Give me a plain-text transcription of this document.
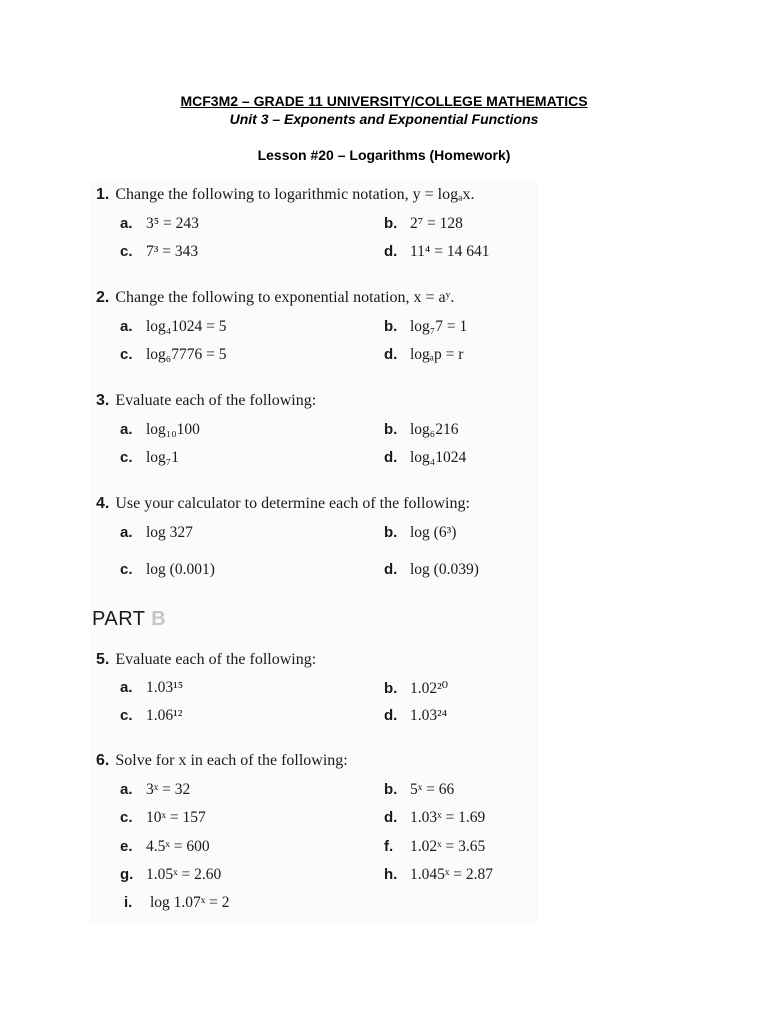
MCF3M2 – GRADE 11 UNIVERSITY/COLLEGE MATHEMATICS
Unit 3 – Exponents and Exponential Functions
Lesson #20 – Logarithms (Homework)
1. Change the following to logarithmic notation, y = logₐx.
a. 3⁵ = 243	b. 2⁷ = 128
c. 7³ = 343	d. 11⁴ = 14 641
2. Change the following to exponential notation, x = aʸ.
a. log₄1024 = 5	b. log₇7 = 1
c. log₆7776 = 5	d. logₐp = r
3. Evaluate each of the following:
a. log₁₀100	b. log₆216
c. log₇1	d. log₄1024
4. Use your calculator to determine each of the following:
a. log 327	b. log (6³)
c. log (0.001)	d. log (0.039)
PART B
5. Evaluate each of the following:
a. 1.03¹⁵	b. 1.02²⁰
c. 1.06¹²	d. 1.03²⁴
6. Solve for x in each of the following:
a. 3ˣ = 32	b. 5ˣ = 66
c. 10ˣ = 157	d. 1.03ˣ = 1.69
e. 4.5ˣ = 600	f. 1.02ˣ = 3.65
g. 1.05ˣ = 2.60	h. 1.045ˣ = 2.87
i. log 1.07ˣ = 2
